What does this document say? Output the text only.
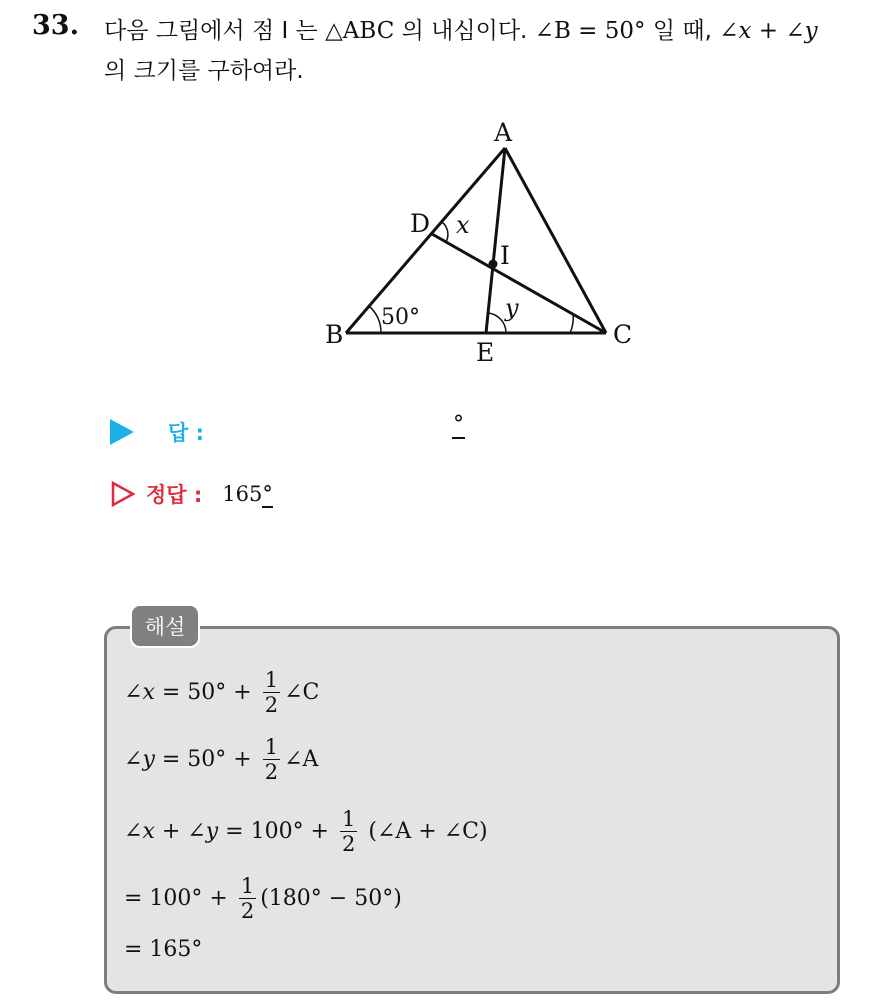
33. 다음 그림에서 점 I 는 △ABC 의 내심이다. ∠B = 50° 일 때, ∠x + ∠y
의 크기를 구하여라.
A
B	C
D
E
I
50°
x
y
답 :	°
정답 : 165°
해설
∠ $x = 50^\circ + \frac{1}{2}$ ∠C
∠ $y = 50^\circ + \frac{1}{2}$ ∠A
∠ x + ∠ $y = 100^\circ + \frac{1}{2}$ (∠A + ∠C)
= $100^\circ + \frac{1}{2} (180^\circ - 50^\circ)$
= 165°
